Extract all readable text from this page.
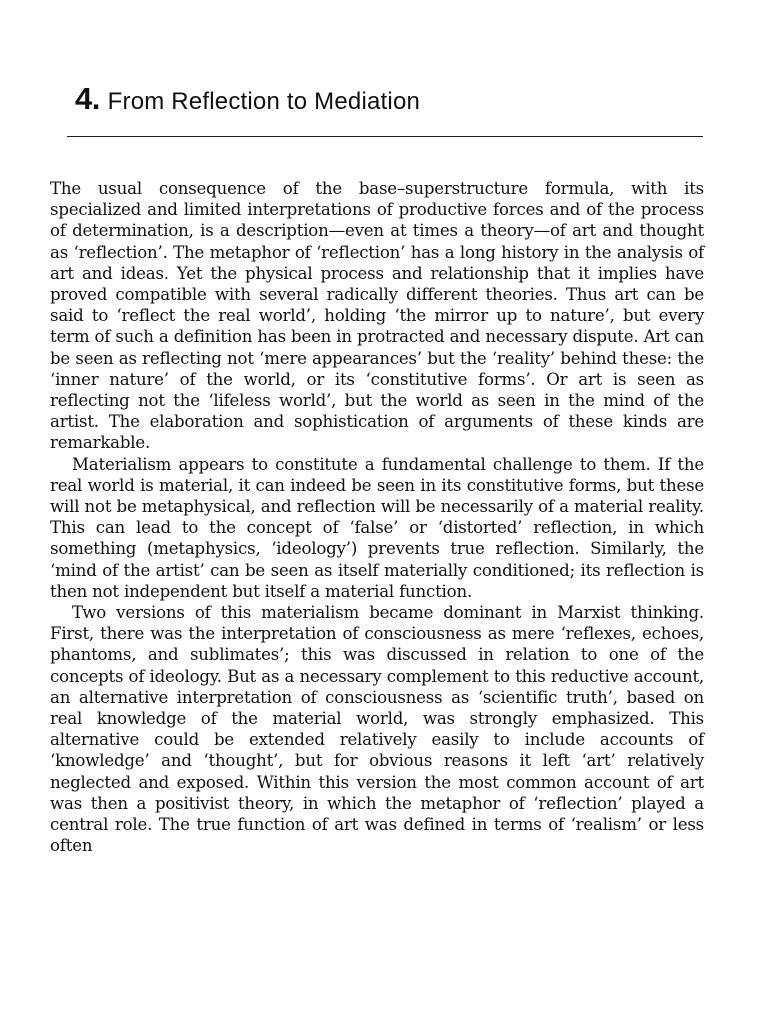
4. From Reflection to Mediation

The usual consequence of the base–superstructure formula, with its specialized and limited interpretations of productive forces and of the process of determination, is a description—even at times a theory—of art and thought as ‘reflection’. The metaphor of ‘reflection’ has a long history in the analysis of art and ideas. Yet the physical process and relationship that it implies have proved compatible with several radically different theories. Thus art can be said to ‘reflect the real world’, holding ‘the mirror up to nature’, but every term of such a definition has been in protracted and necessary dispute. Art can be seen as reflecting not ‘mere appearances’ but the ‘reality’ behind these: the ‘inner nature’ of the world, or its ‘constitutive forms’. Or art is seen as reflecting not the ‘lifeless world’, but the world as seen in the mind of the artist. The elaboration and sophistication of arguments of these kinds are remarkable.

Materialism appears to constitute a fundamental challenge to them. If the real world is material, it can indeed be seen in its constitutive forms, but these will not be metaphysical, and reflection will be necessarily of a material reality. This can lead to the concept of ‘false’ or ‘distorted’ reflection, in which something (metaphysics, ‘ideology’) prevents true reflection. Similarly, the ‘mind of the artist’ can be seen as itself materially conditioned; its reflection is then not independent but itself a material function.

Two versions of this materialism became dominant in Marxist thinking. First, there was the interpretation of consciousness as mere ‘reflexes, echoes, phantoms, and sublimates’; this was discussed in relation to one of the concepts of ideology. But as a necessary complement to this reductive account, an alternative interpretation of consciousness as ‘scientific truth’, based on real knowledge of the material world, was strongly emphasized. This alternative could be extended relatively easily to include accounts of ‘knowledge’ and ‘thought’, but for obvious reasons it left ‘art’ relatively neglected and exposed. Within this version the most common account of art was then a positivist theory, in which the metaphor of ‘reflection’ played a central role. The true function of art was defined in terms of ‘realism’ or less often
